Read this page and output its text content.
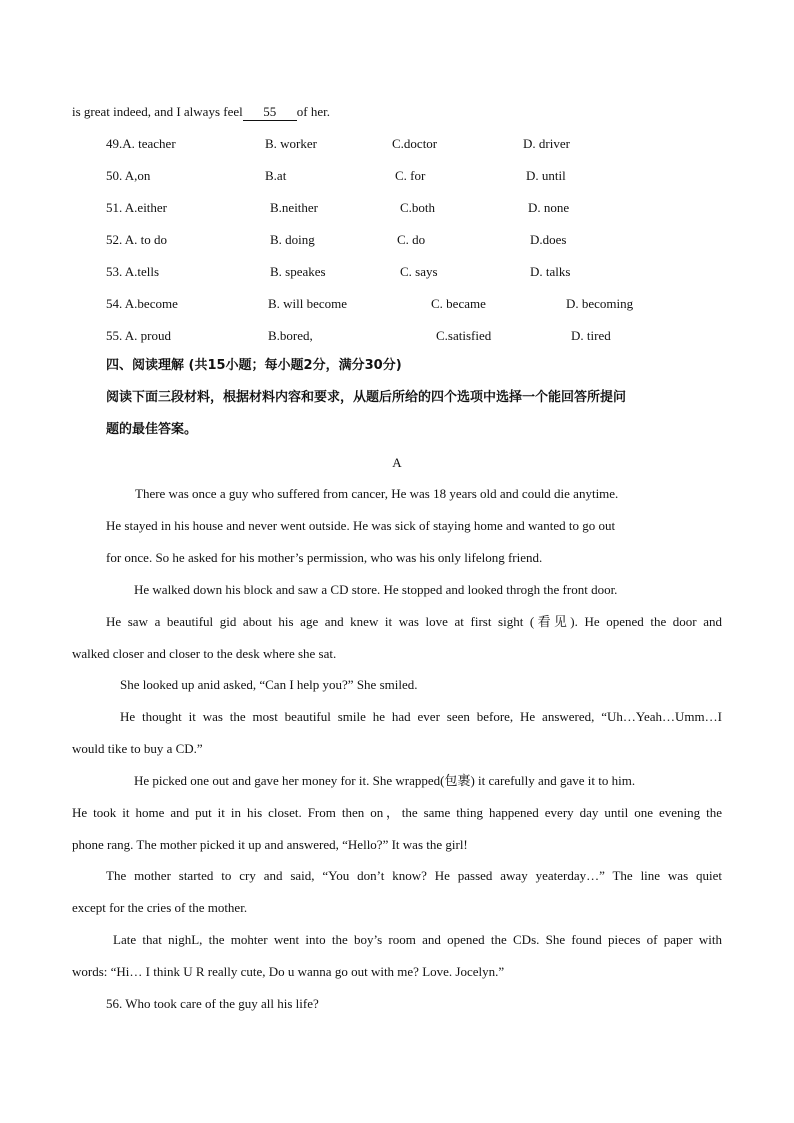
is great indeed, and I always feel 55 of her.
49.A. teacher	B. worker	C.doctor	D. driver
50. A,on	B.at	C. for	D. until
51. A.either	B.neither	C.both	D. none
52. A. to do	B. doing	C. do	D.does
53. A.tells	B. speakes	C. says	D. talks
54. A.become	B. will become	C. became	D. becoming
55. A. proud	B.bored,	C.satisfied	D. tired
四、阅读理解 (共15小题；每小题2分，满分30分)
阅读下面三段材料，根据材料内容和要求，从题后所给的四个选项中选择一个能回答所提问
题的最佳答案。
A
There was once a guy who suffered from cancer, He was 18 years old and could die anytime.
He stayed in his house and never went outside. He was sick of staying home and wanted to go out
for once. So he asked for his mother’s permission, who was his only lifelong friend.
He walked down his block and saw a CD store. He stopped and looked throgh the front door.
He saw a beautiful gid about his age and knew it was love at first sight (看见). He opened the door and
walked closer and closer to the desk where she sat.
She looked up anid asked, “Can I help you?” She smiled.
He thought it was the most beautiful smile he had ever seen before, He answered, “Uh…Yeah…Umm…I
would tike to buy a CD.”
He picked one out and gave her money for it. She wrapped(包裹) it carefully and gave it to him.
He took it home and put it in his closet. From then on，the same thing happened every day until one evening the
phone rang. The mother picked it up and answered, “Hello?” It was the girl!
The mother started to cry and said, “You don’t know? He passed away yeaterday…” The line was quiet
except for the cries of the mother.
Late that nighL, the mohter went into the boy’s room and opened the CDs. She found pieces of paper with
words: “Hi… I think U R really cute, Do u wanna go out with me? Love. Jocelyn.”
56. Who took care of the guy all his life?
